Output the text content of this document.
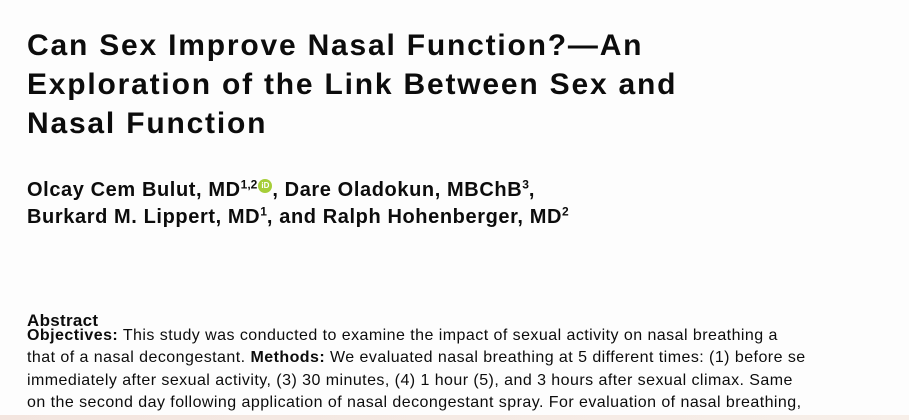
Can Sex Improve Nasal Function?—An
Exploration of the Link Between Sex and
Nasal Function
Olcay Cem Bulut, MD$^{1,2}$ iD , Dare Oladokun, MBChB$^3$,
Burkard M. Lippert, $MD^1$, and Ralph Hohenberger, $MD^2$
Abstract
Objectives: This study was conducted to examine the impact of sexual activity on nasal breathing a
that of a nasal decongestant. Methods: We evaluated nasal breathing at 5 different times: (1) before se
immediately after sexual activity, (3) 30 minutes, (4) 1 hour (5), and 3 hours after sexual climax. Same
on the second day following application of nasal decongestant spray. For evaluation of nasal breathing,
